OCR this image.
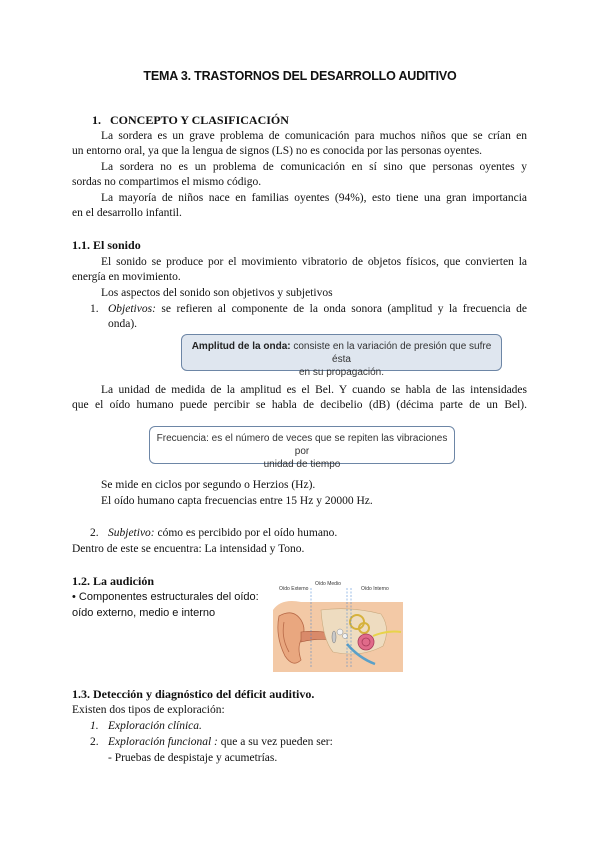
TEMA 3. TRASTORNOS DEL DESARROLLO AUDITIVO
1. CONCEPTO Y CLASIFICACIÓN
La sordera es un grave problema de comunicación para muchos niños que se crían en
un entorno oral, ya que la lengua de signos (LS) no es conocida por las personas oyentes.
La sordera no es un problema de comunicación en sí sino que personas oyentes y
sordas no compartimos el mismo código.
La mayoría de niños nace en familias oyentes (94%), esto tiene una gran importancia
en el desarrollo infantil.
1.1. El sonido
El sonido se produce por el movimiento vibratorio de objetos físicos, que convierten la
energía en movimiento.
Los aspectos del sonido son objetivos y subjetivos
1. Objetivos: se refieren al componente de la onda sonora (amplitud y la frecuencia de
onda).
Amplitud de la onda: consiste en la variación de presión que sufre ésta
en su propagación.
La unidad de medida de la amplitud es el Bel. Y cuando se habla de las intensidades
que el oído humano puede percibir se habla de decibelio (dB) (décima parte de un Bel).
Frecuencia: es el número de veces que se repiten las vibraciones por
unidad de tiempo
Se mide en ciclos por segundo o Herzios (Hz).
El oído humano capta frecuencias entre 15 Hz y 20000 Hz.
2. Subjetivo: cómo es percibido por el oído humano.
Dentro de este se encuentra: La intensidad y Tono.
1.2. La audición
• Componentes estructurales del oído:
oído externo, medio e interno
Oído Externo
Oído Medio
Oído Interno
1.3. Detección y diagnóstico del déficit auditivo.
Existen dos tipos de exploración:
1. Exploración clínica.
2. Exploración funcional : que a su vez pueden ser:
- Pruebas de despistaje y acumetrías.
